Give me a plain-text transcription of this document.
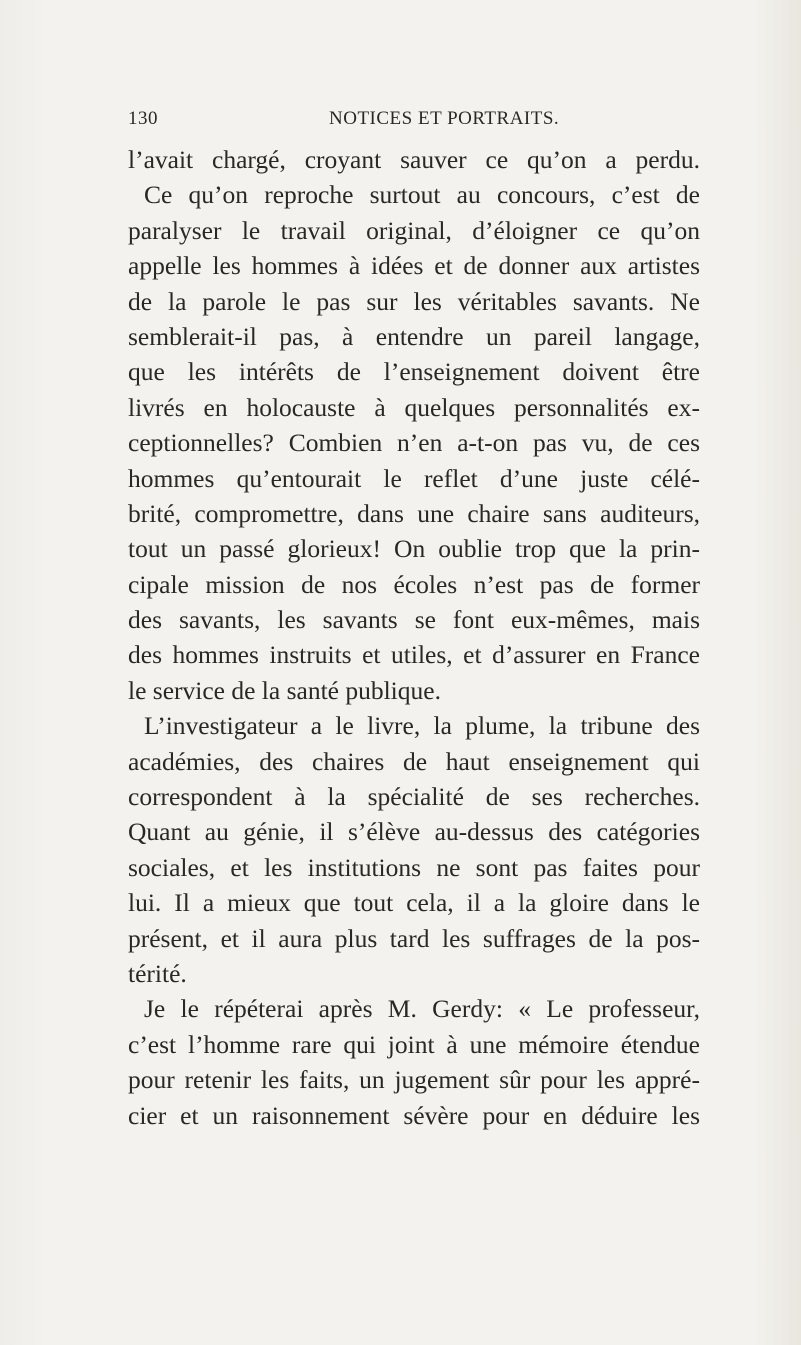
130	NOTICES ET PORTRAITS.
l’avait chargé, croyant sauver ce qu’on a perdu.
Ce qu’on reproche surtout au concours, c’est de
paralyser le travail original, d’éloigner ce qu’on
appelle les hommes à idées et de donner aux artistes
de la parole le pas sur les véritables savants. Ne
semblerait-il pas, à entendre un pareil langage,
que les intérêts de l’enseignement doivent être
livrés en holocauste à quelques personnalités ex-
ceptionnelles? Combien n’en a-t-on pas vu, de ces
hommes qu’entourait le reflet d’une juste célé-
brité, compromettre, dans une chaire sans auditeurs,
tout un passé glorieux! On oublie trop que la prin-
cipale mission de nos écoles n’est pas de former
des savants, les savants se font eux-mêmes, mais
des hommes instruits et utiles, et d’assurer en France
le service de la santé publique.
L’investigateur a le livre, la plume, la tribune des
académies, des chaires de haut enseignement qui
correspondent à la spécialité de ses recherches.
Quant au génie, il s’élève au-dessus des catégories
sociales, et les institutions ne sont pas faites pour
lui. Il a mieux que tout cela, il a la gloire dans le
présent, et il aura plus tard les suffrages de la pos-
térité.
Je le répéterai après M. Gerdy: « Le professeur,
c’est l’homme rare qui joint à une mémoire étendue
pour retenir les faits, un jugement sûr pour les appré-
cier et un raisonnement sévère pour en déduire les
